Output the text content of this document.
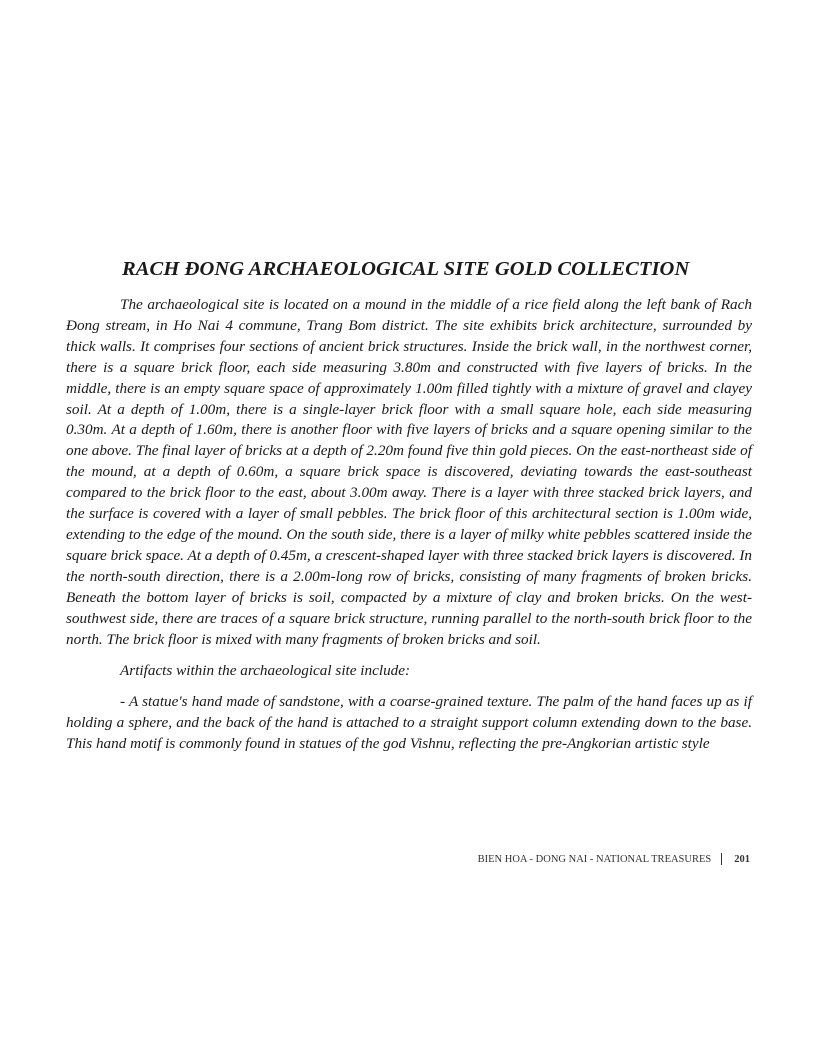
RACH ĐONG ARCHAEOLOGICAL SITE GOLD COLLECTION

The archaeological site is located on a mound in the middle of a rice field along the left bank of Rach Đong stream, in Ho Nai 4 commune, Trang Bom district. The site exhibits brick architecture, surrounded by thick walls. It comprises four sections of ancient brick structures. Inside the brick wall, in the northwest corner, there is a square brick floor, each side measuring 3.80m and constructed with five layers of bricks. In the middle, there is an empty square space of approximately 1.00m filled tightly with a mixture of gravel and clayey soil. At a depth of 1.00m, there is a single-layer brick floor with a small square hole, each side measuring 0.30m. At a depth of 1.60m, there is another floor with five layers of bricks and a square opening similar to the one above. The final layer of bricks at a depth of 2.20m found five thin gold pieces. On the east-northeast side of the mound, at a depth of 0.60m, a square brick space is discovered, deviating towards the east-southeast compared to the brick floor to the east, about 3.00m away. There is a layer with three stacked brick layers, and the surface is covered with a layer of small pebbles. The brick floor of this architectural section is 1.00m wide, extending to the edge of the mound. On the south side, there is a layer of milky white pebbles scattered inside the square brick space. At a depth of 0.45m, a crescent-shaped layer with three stacked brick layers is discovered. In the north-south direction, there is a 2.00m-long row of bricks, consisting of many fragments of broken bricks. Beneath the bottom layer of bricks is soil, compacted by a mixture of clay and broken bricks. On the west-southwest side, there are traces of a square brick structure, running parallel to the north-south brick floor to the north. The brick floor is mixed with many fragments of broken bricks and soil.

Artifacts within the archaeological site include:

- A statue's hand made of sandstone, with a coarse-grained texture. The palm of the hand faces up as if holding a sphere, and the back of the hand is attached to a straight support column extending down to the base. This hand motif is commonly found in statues of the god Vishnu, reflecting the pre-Angkorian artistic style

BIEN HOA - DONG NAI - NATIONAL TREASURES 201
